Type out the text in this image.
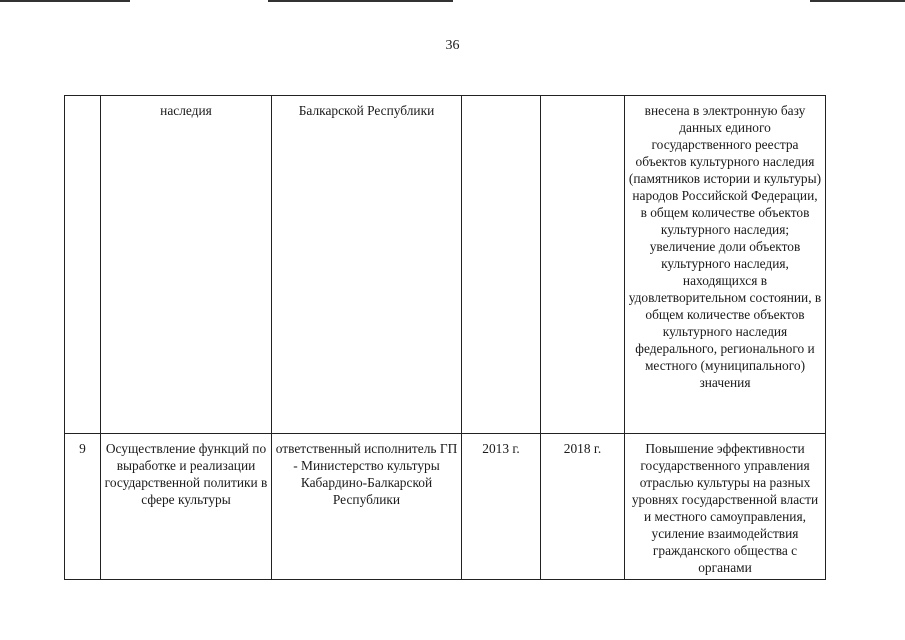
36
	наследия	Балкарской Республики			внесена в электронную базу данных единого государственного реестра объектов культурного наследия (памятников истории и культуры) народов Российской Федерации, в общем количестве объектов культурного наследия; увеличение доли объектов культурного наследия, находящихся в удовлетворительном состоянии, в общем количестве объектов культурного наследия федерального, регионального и местного (муниципального) значения
9	Осуществление функций по выработке и реализации государственной политики в сфере культуры	ответственный исполнитель ГП - Министерство культуры Кабардино-Балкарской Республики	2013 г.	2018 г.	Повышение эффективности государственного управления отраслью культуры на разных уровнях государственной власти и местного самоуправления, усиление взаимодействия гражданского общества с органами
